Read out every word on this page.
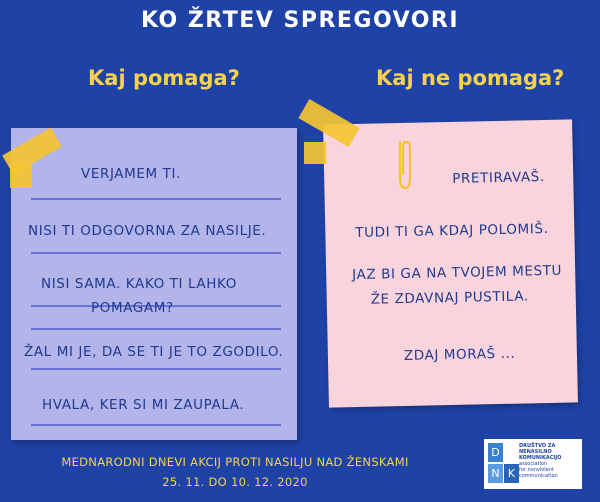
KO ŽRTEV SPREGOVORI
Kaj pomaga?	Kaj ne pomaga?
VERJAMEM TI.
NISI TI ODGOVORNA ZA NASILJE.
NISI SAMA. KAKO TI LAHKO
POMAGAM?
ŽAL MI JE, DA SE TI JE TO ZGODILO.
HVALA, KER SI MI ZAUPALA.
PRETIRAVAŠ.
TUDI TI GA KDAJ POLOMIŠ.
JAZ BI GA NA TVOJEM MESTU
ŽE ZDAVNAJ PUSTILA.
ZDAJ MORAŠ ...
MEDNARODNI DNEVI AKCIJ PROTI NASILJU NAD ŽENSKAMI
25. 11. DO 10. 12. 2020
D
N K
DRUŠTVO ZA
NENASILNO
KOMUNIKACIJO
association
for nonviolent
communication
